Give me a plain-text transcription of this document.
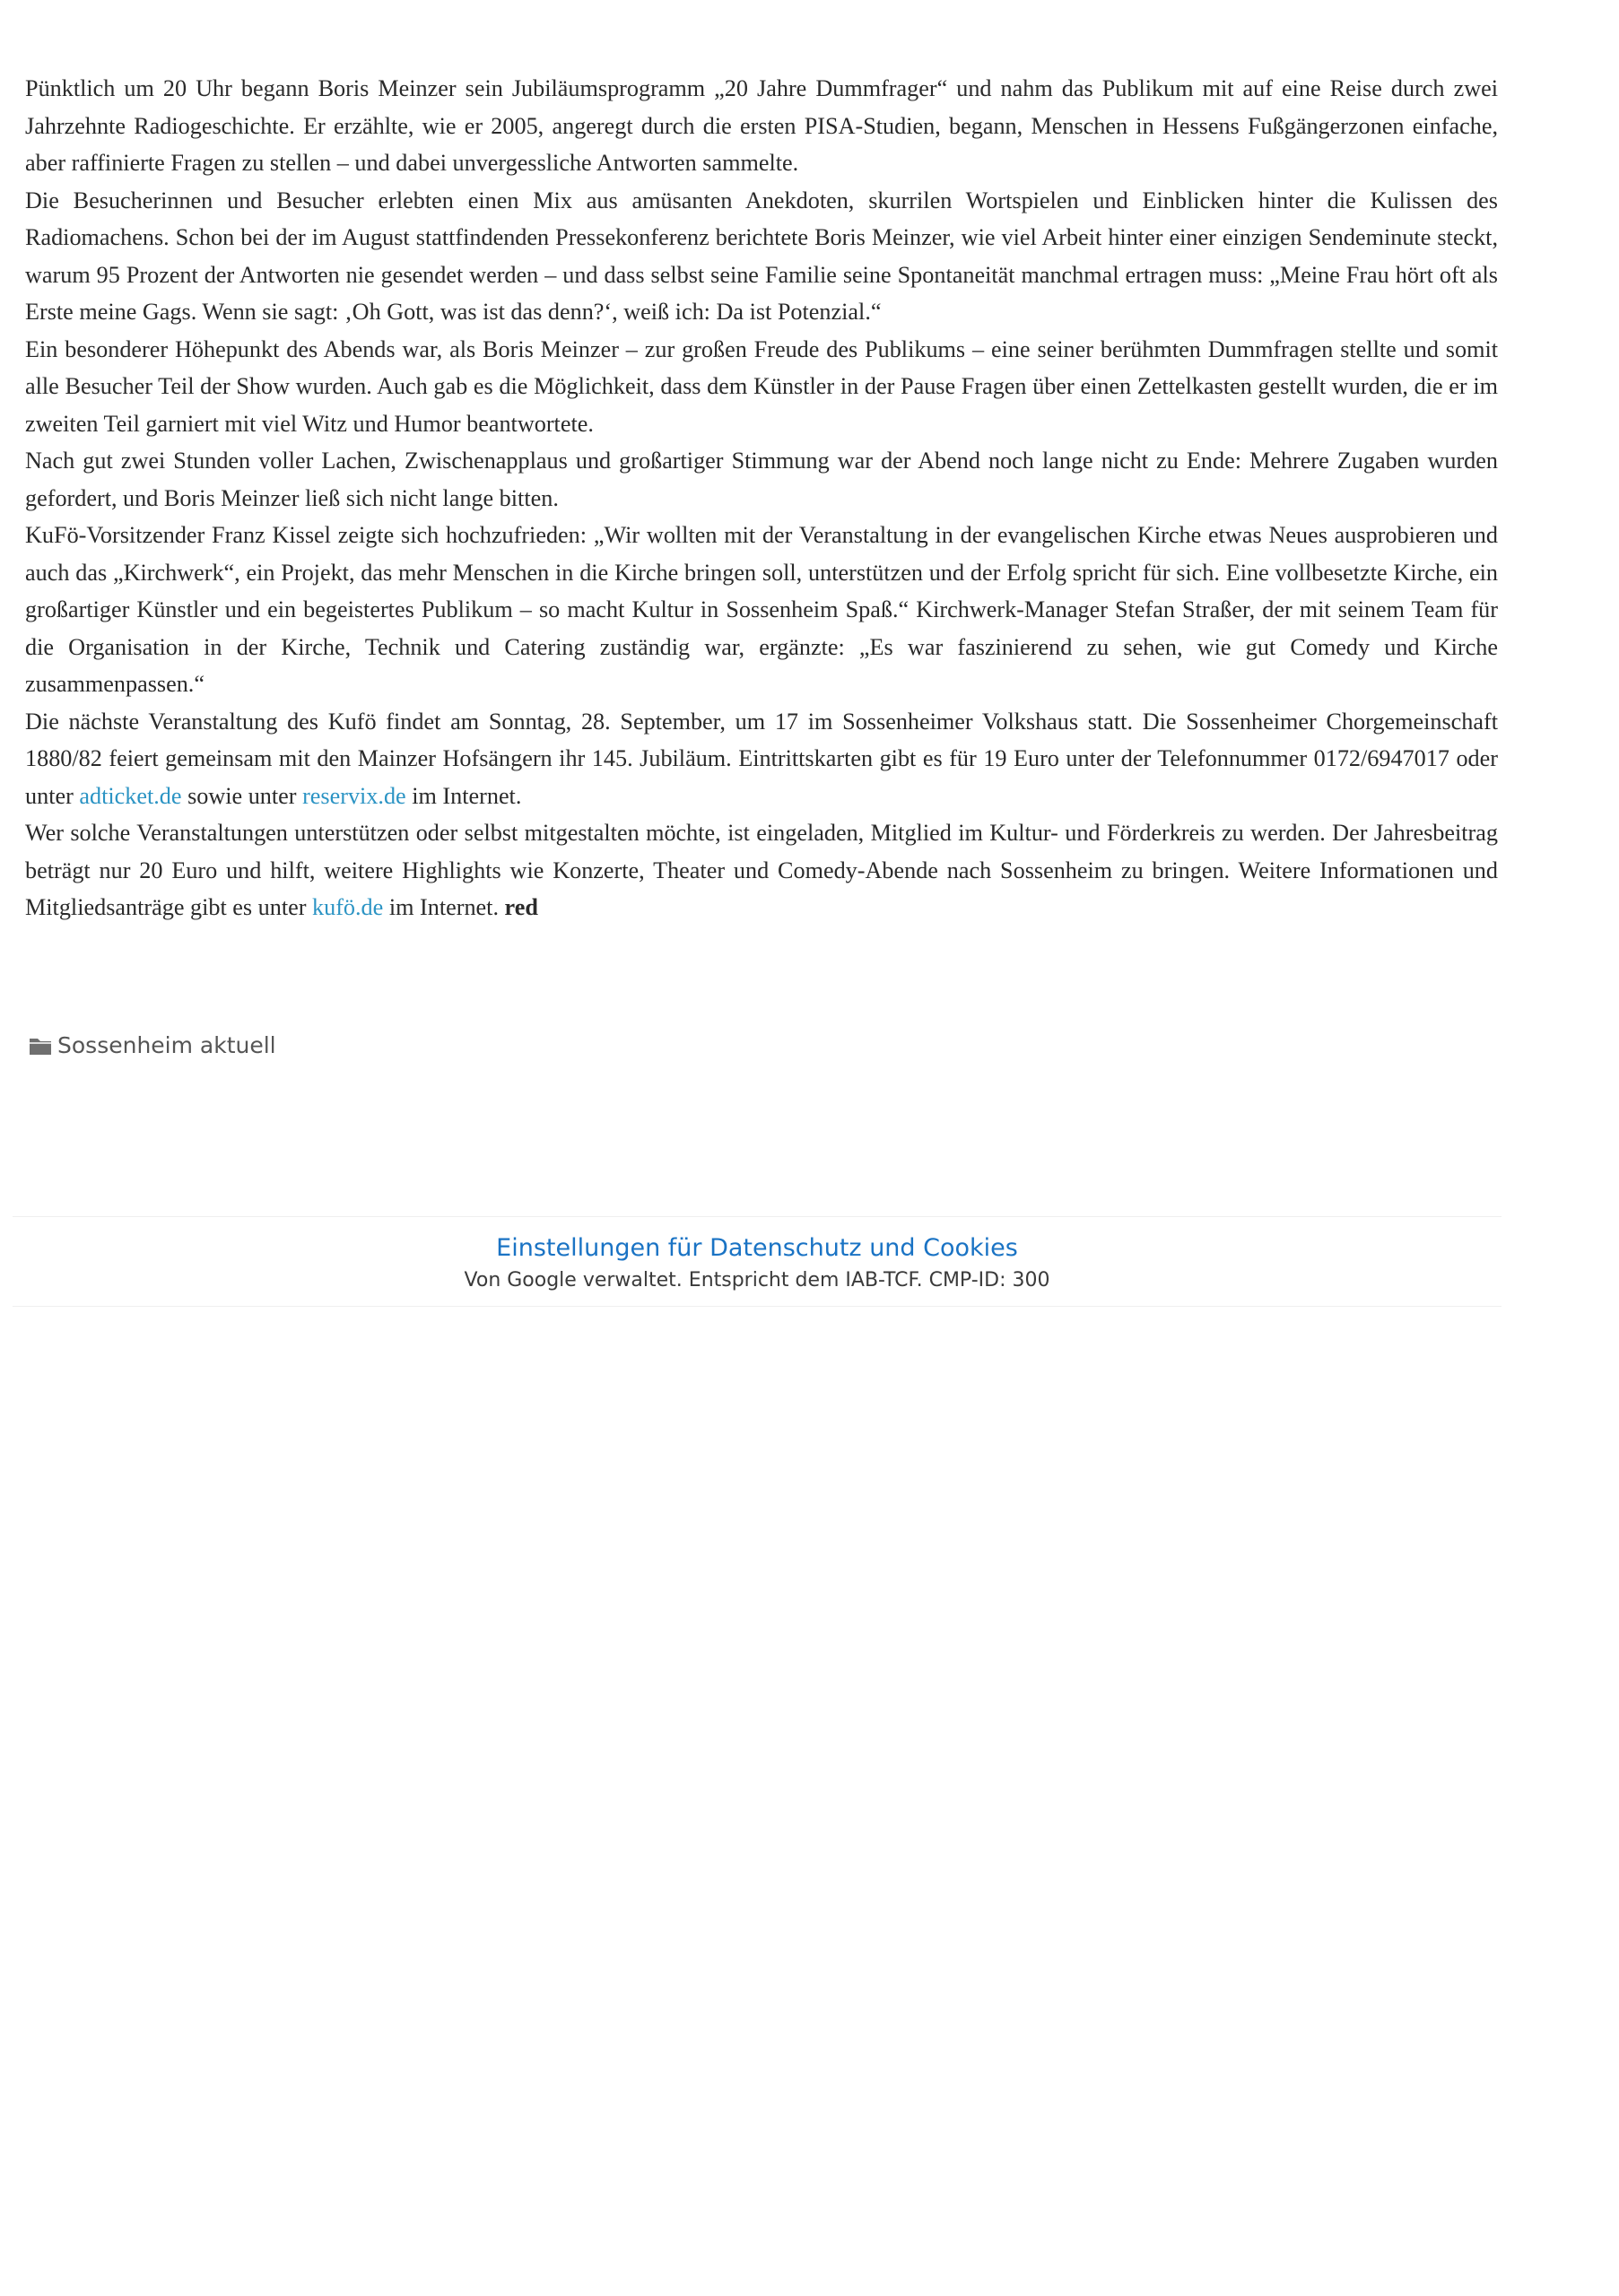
Pünktlich um 20 Uhr begann Boris Meinzer sein Jubiläumsprogramm „20 Jahre Dummfrager“ und nahm das Publikum mit auf eine Reise durch zwei Jahrzehnte Radiogeschichte. Er erzählte, wie er 2005, angeregt durch die ersten PISA-Studien, begann, Menschen in Hessens Fußgängerzonen einfache, aber raffinierte Fragen zu stellen – und dabei unvergessliche Antworten sammelte.

Die Besucherinnen und Besucher erlebten einen Mix aus amüsanten Anekdoten, skurrilen Wortspielen und Einblicken hinter die Kulissen des Radiomachens. Schon bei der im August stattfindenden Pressekonferenz berichtete Boris Meinzer, wie viel Arbeit hinter einer einzigen Sendeminute steckt, warum 95 Prozent der Antworten nie gesendet werden – und dass selbst seine Familie seine Spontaneität manchmal ertragen muss: „Meine Frau hört oft als Erste meine Gags. Wenn sie sagt: ‚Oh Gott, was ist das denn?‘, weiß ich: Da ist Potenzial.“

Ein besonderer Höhepunkt des Abends war, als Boris Meinzer – zur großen Freude des Publikums – eine seiner berühmten Dummfragen stellte und somit alle Besucher Teil der Show wurden. Auch gab es die Möglichkeit, dass dem Künstler in der Pause Fragen über einen Zettelkasten gestellt wurden, die er im zweiten Teil garniert mit viel Witz und Humor beantwortete.

Nach gut zwei Stunden voller Lachen, Zwischenapplaus und großartiger Stimmung war der Abend noch lange nicht zu Ende: Mehrere Zugaben wurden gefordert, und Boris Meinzer ließ sich nicht lange bitten.

KuFö-Vorsitzender Franz Kissel zeigte sich hochzufrieden: „Wir wollten mit der Veranstaltung in der evangelischen Kirche etwas Neues ausprobieren und auch das „Kirchwerk“, ein Projekt, das mehr Menschen in die Kirche bringen soll, unterstützen und der Erfolg spricht für sich. Eine vollbesetzte Kirche, ein großartiger Künstler und ein begeistertes Publikum – so macht Kultur in Sossenheim Spaß.“ Kirchwerk-Manager Stefan Straßer, der mit seinem Team für die Organisation in der Kirche, Technik und Catering zuständig war, ergänzte: „Es war faszinierend zu sehen, wie gut Comedy und Kirche zusammenpassen.“

Die nächste Veranstaltung des Kufö findet am Sonntag, 28. September, um 17 im Sossenheimer Volkshaus statt. Die Sossenheimer Chorgemeinschaft 1880/82 feiert gemeinsam mit den Mainzer Hofsängern ihr 145. Jubiläum. Eintrittskarten gibt es für 19 Euro unter der Telefonnummer 0172/6947017 oder unter adticket.de sowie unter reservix.de im Internet.

Wer solche Veranstaltungen unterstützen oder selbst mitgestalten möchte, ist eingeladen, Mitglied im Kultur- und Förderkreis zu werden. Der Jahresbeitrag beträgt nur 20 Euro und hilft, weitere Highlights wie Konzerte, Theater und Comedy-Abende nach Sossenheim zu bringen. Weitere Informationen und Mitgliedsanträge gibt es unter kufö.de im Internet. red

Sossenheim aktuell
Einstellungen für Datenschutz und Cookies
Von Google verwaltet. Entspricht dem IAB-TCF. CMP-ID: 300
